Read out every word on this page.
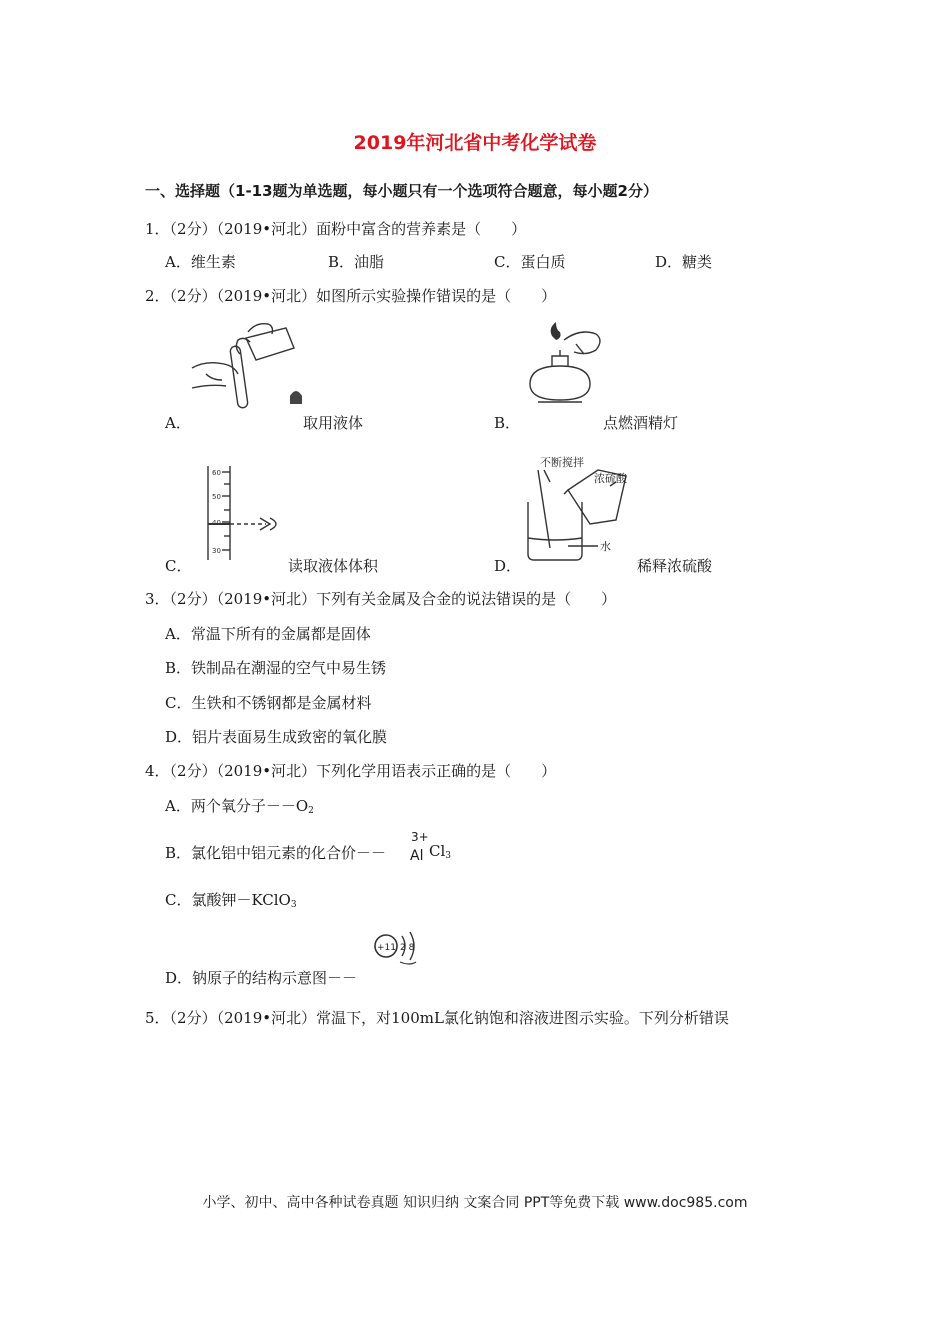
2019年河北省中考化学试卷
一、选择题（1-13题为单选题，每小题只有一个选项符合题意，每小题2分）
1．（2分）（2019•河北）面粉中富含的营养素是（　　）
A．维生素	B．油脂	C．蛋白质	D．糖类
2．（2分）（2019•河北）如图所示实验操作错误的是（　　）
A．	取用液体	B．	点燃酒精灯
60
50
40
30
C．	读取液体体积
不断搅拌
浓硫酸
水
D．	稀释浓硫酸
3．（2分）（2019•河北）下列有关金属及合金的说法错误的是（　　）
A．常温下所有的金属都是固体
B．铁制品在潮湿的空气中易生锈
C．生铁和不锈钢都是金属材料
D．铝片表面易生成致密的氧化膜
4．（2分）（2019•河北）下列化学用语表示正确的是（　　）
A．两个氧分子$--O_2$
B．氯化铝中铝元素的化合价－－
3+
Al $Cl_3$
C．氯酸钾－KClO$_3$
+11 2 8
D．钠原子的结构示意图－－
5．（2分）（2019•河北）常温下，对100mL氯化钠饱和溶液进图示实验。下列分析错误
小学、初中、高中各种试卷真题 知识归纳 文案合同 PPT等免费下载 www.doc985.com
